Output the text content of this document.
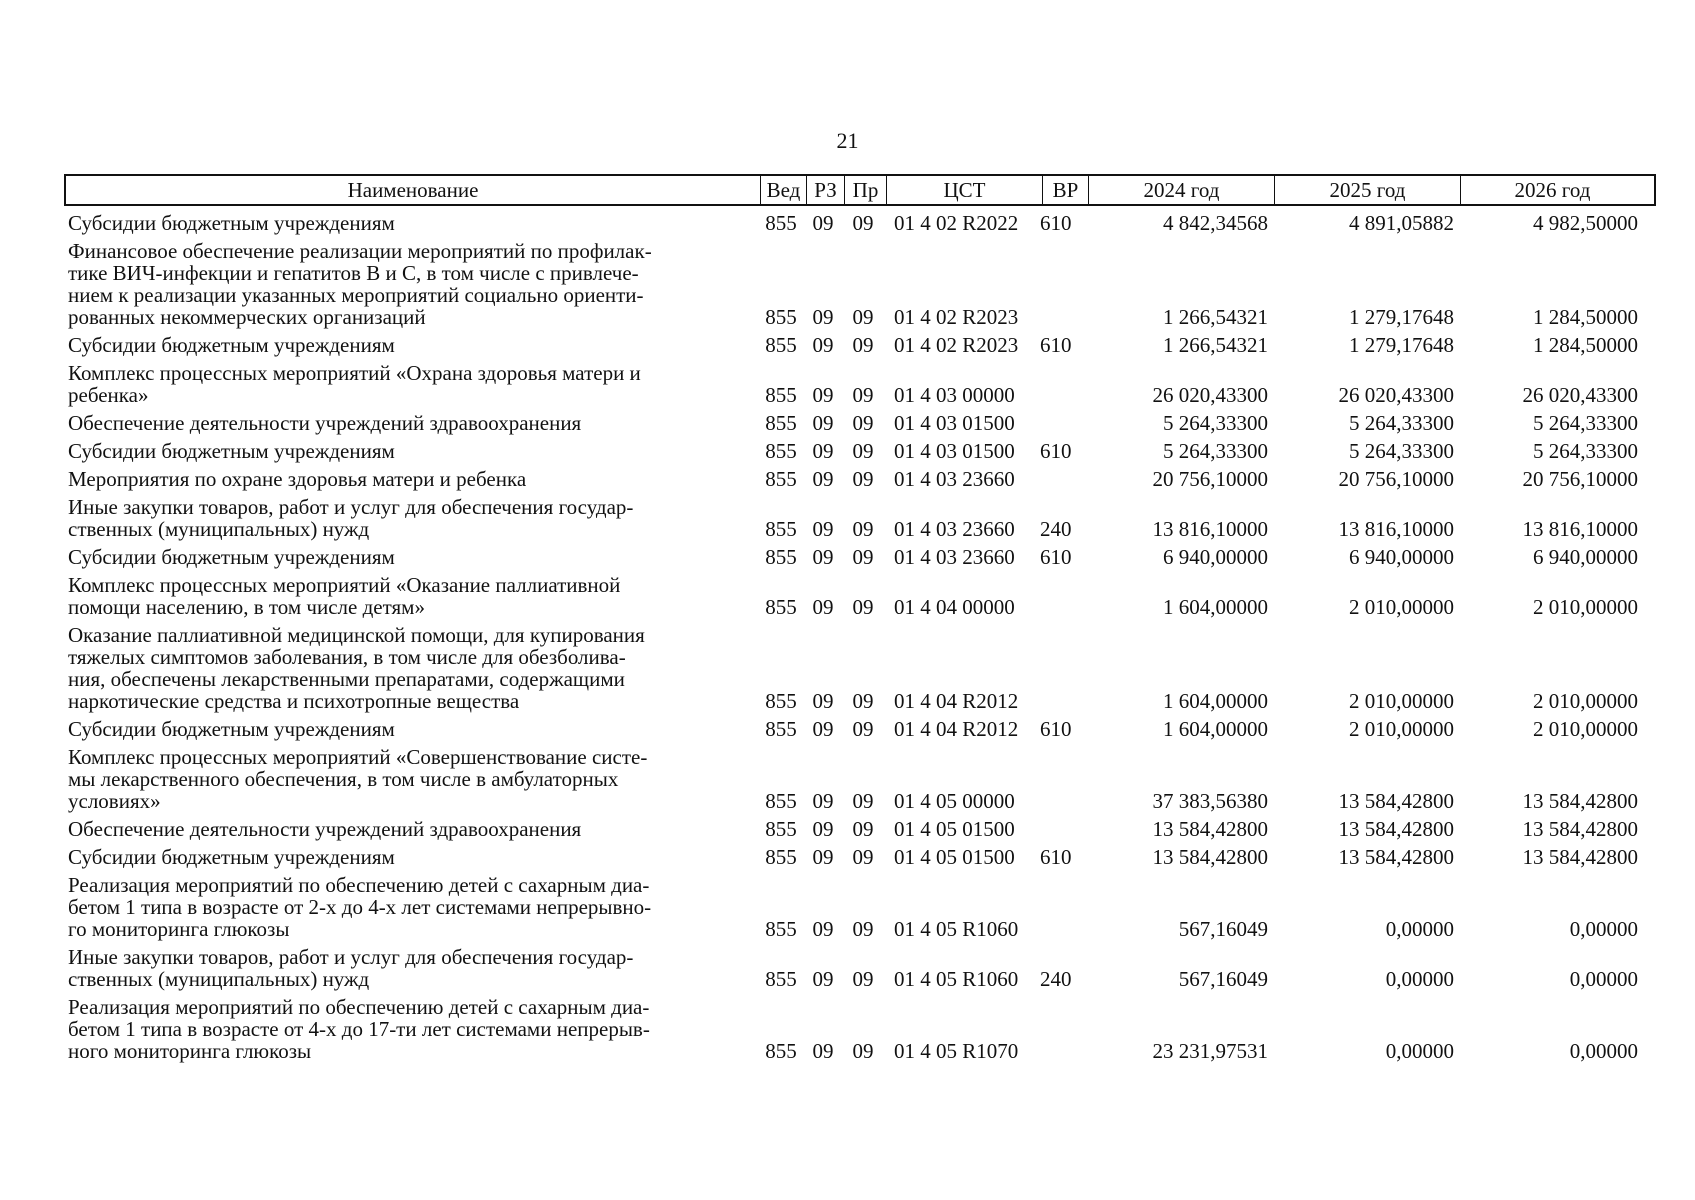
21
Наименование	Вед РЗ Пр	ЦСТ	ВР	2024 год	2025 год	2026 год
Субсидии бюджетным учреждениям	855 09 09 01 4 02 R2022	610	4 842,34568	4 891,05882	4 982,50000
Финансовое обеспечение реализации мероприятий по профилак-
тике ВИЧ-инфекции и гепатитов B и C, в том числе с привлече-
нием к реализации указанных мероприятий социально ориенти-
рованных некоммерческих организаций	855 09 09 01 4 02 R2023	1 266,54321	1 279,17648	1 284,50000
Субсидии бюджетным учреждениям	855 09 09 01 4 02 R2023	610	1 266,54321	1 279,17648	1 284,50000
Комплекс процессных мероприятий «Охрана здоровья матери и
ребенка»	855 09 09 01 4 03 00000	26 020,43300	26 020,43300	26 020,43300
Обеспечение деятельности учреждений здравоохранения	855 09 09 01 4 03 01500	5 264,33300	5 264,33300	5 264,33300
Субсидии бюджетным учреждениям	855 09 09 01 4 03 01500	610	5 264,33300	5 264,33300	5 264,33300
Мероприятия по охране здоровья матери и ребенка	855 09 09 01 4 03 23660	20 756,10000	20 756,10000	20 756,10000
Иные закупки товаров, работ и услуг для обеспечения государ-
ственных (муниципальных) нужд	855 09 09 01 4 03 23660	240	13 816,10000	13 816,10000	13 816,10000
Субсидии бюджетным учреждениям	855 09 09 01 4 03 23660	610	6 940,00000	6 940,00000	6 940,00000
Комплекс процессных мероприятий «Оказание паллиативной
помощи населению, в том числе детям»	855 09 09 01 4 04 00000	1 604,00000	2 010,00000	2 010,00000
Оказание паллиативной медицинской помощи, для купирования
тяжелых симптомов заболевания, в том числе для обезболива-
ния, обеспечены лекарственными препаратами, содержащими
наркотические средства и психотропные вещества	855 09 09 01 4 04 R2012	1 604,00000	2 010,00000	2 010,00000
Субсидии бюджетным учреждениям	855 09 09 01 4 04 R2012	610	1 604,00000	2 010,00000	2 010,00000
Комплекс процессных мероприятий «Совершенствование систе-
мы лекарственного обеспечения, в том числе в амбулаторных
условиях»	855 09 09 01 4 05 00000	37 383,56380	13 584,42800	13 584,42800
Обеспечение деятельности учреждений здравоохранения	855 09 09 01 4 05 01500	13 584,42800	13 584,42800	13 584,42800
Субсидии бюджетным учреждениям	855 09 09 01 4 05 01500	610	13 584,42800	13 584,42800	13 584,42800
Реализация мероприятий по обеспечению детей с сахарным диа-
бетом 1 типа в возрасте от 2-х до 4-х лет системами непрерывно-
го мониторинга глюкозы	855 09 09 01 4 05 R1060	567,16049	0,00000	0,00000
Иные закупки товаров, работ и услуг для обеспечения государ-
ственных (муниципальных) нужд	855 09 09 01 4 05 R1060	240	567,16049	0,00000	0,00000
Реализация мероприятий по обеспечению детей с сахарным диа-
бетом 1 типа в возрасте от 4-х до 17-ти лет системами непрерыв-
ного мониторинга глюкозы	855 09 09 01 4 05 R1070	23 231,97531	0,00000	0,00000
